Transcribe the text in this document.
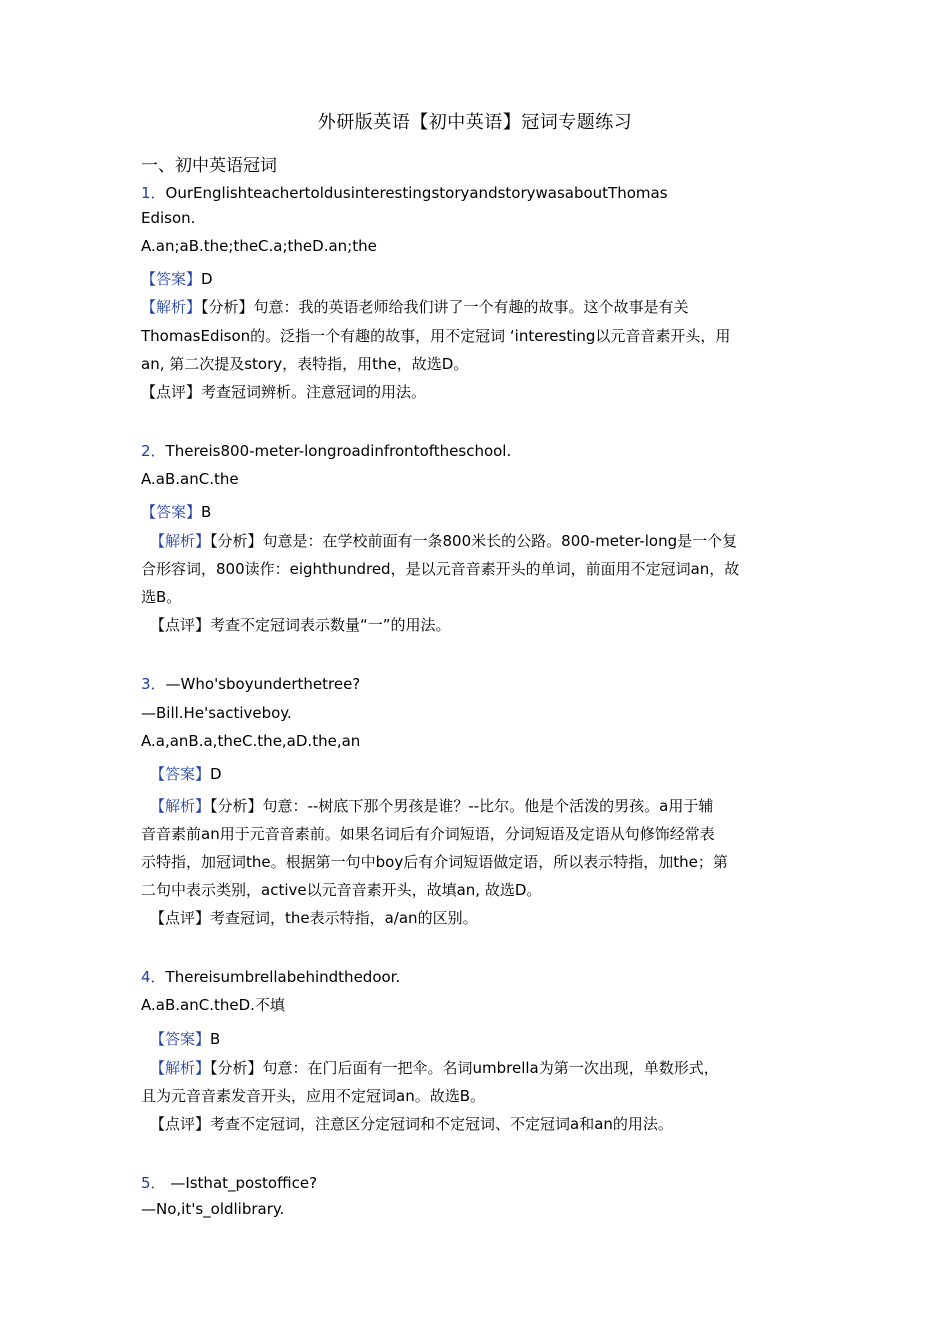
外研版英语【初中英语】冠词专题练习
一、初中英语冠词
1．OurEnglishteachertoldusinterestingstoryandstorywasaboutThomas
Edison.
A.an;aB.the;theC.a;theD.an;the
【答案】D
【解析】【分析】句意：我的英语老师给我们讲了一个有趣的故事。这个故事是有关
ThomasEdison的。泛指一个有趣的故事，用不定冠词 ‘interesting以元音音素开头，用
an, 第二次提及story，表特指，用the，故选D。
【点评】考查冠词辨析。注意冠词的用法。
2．Thereis800-meter-longroadinfrontoftheschool.
A.aB.anC.the
【答案】B
【解析】【分析】句意是：在学校前面有一条800米长的公路。800-meter-long是一个复
合形容词，800读作：eighthundred，是以元音音素开头的单词，前面用不定冠词an，故
选B。
【点评】考查不定冠词表示数量“一”的用法。
3．—Who'sboyunderthetree?
—Bill.He'sactiveboy.
A.a,anB.a,theC.the,aD.the,an
【答案】D
【解析】【分析】句意：--树底下那个男孩是谁？--比尔。他是个活泼的男孩。a用于辅
音音素前an用于元音音素前。如果名词后有介词短语，分词短语及定语从句修饰经常表
示特指，加冠词the。根据第一句中boy后有介词短语做定语，所以表示特指，加the；第
二句中表示类别，active以元音音素开头，故填an, 故选D。
【点评】考查冠词，the表示特指，a/an的区别。
4．Thereisumbrellabehindthedoor.
A.aB.anC.theD.不填
【答案】B
【解析】【分析】句意：在门后面有一把伞。名词umbrella为第一次出现，单数形式，
且为元音音素发音开头，应用不定冠词an。故选B。
【点评】考查不定冠词，注意区分定冠词和不定冠词、不定冠词a和an的用法。
5． —Isthat_postoffice?
—No,it's_oldlibrary.
